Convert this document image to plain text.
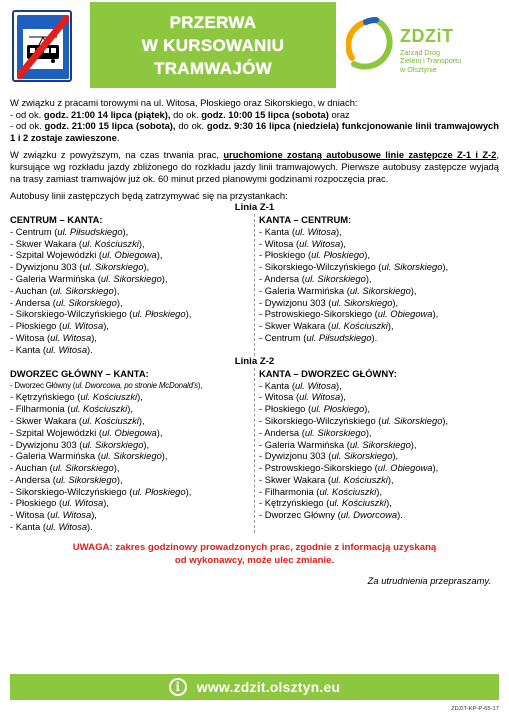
PRZERWA
W KURSOWANIU
TRAMWAJÓW
ZDZiT
Zarząd Dróg
Zieleni i Transportu
w Olsztynie

W związku z pracami torowymi na ul. Witosa, Płoskiego oraz Sikorskiego, w dniach:

- od ok. godz. 21:00 14 lipca (piątek), do ok. godz. 10:00 15 lipca (sobota) oraz

- od ok. godz. 21:00 15 lipca (sobota), do ok. godz. 9:30 16 lipca (niedziela) funkcjonowanie linii tramwajowych 1 i 2 zostaje zawieszone.

W związku z powyższym, na czas trwania prac, uruchomione zostaną autobusowe linie zastępcze Z-1 i Z-2, kursujące wg rozkładu jazdy zbliżonego do rozkładu jazdy linii tramwajowych. Pierwsze autobusy zastępcze wyjadą na trasy zamiast tramwajów już ok. 60 minut przed planowymi godzinami rozpoczęcia prac.

Autobusy linii zastępczych będą zatrzymywać się na przystankach:

Linia Z-1
CENTRUM – KANTA:
- Centrum (ul. Piłsudskiego),
- Skwer Wakara (ul. Kościuszki),
- Szpital Wojewódzki (ul. Obiegowa),
- Dywizjonu 303 (ul. Sikorskiego),
- Galeria Warmińska (ul. Sikorskiego),
- Auchan (ul. Sikorskiego),
- Andersa (ul. Sikorskiego),
- Sikorskiego-Wilczyńskiego (ul. Płoskiego),
- Płoskiego (ul. Witosa),
- Witosa (ul. Witosa),
- Kanta (ul. Witosa).
KANTA – CENTRUM:
- Kanta (ul. Witosa),
- Witosa (ul. Witosa),
- Płoskiego (ul. Płoskiego),
- Sikorskiego-Wilczyńskiego (ul. Sikorskiego),
- Andersa (ul. Sikorskiego),
- Galeria Warmińska (ul. Sikorskiego),
- Dywizjonu 303 (ul. Sikorskiego),
- Pstrowskiego-Sikorskiego (ul. Obiegowa),
- Skwer Wakara (ul. Kościuszki),
- Centrum (ul. Piłsudskiego).
Linia Z-2
DWORZEC GŁÓWNY – KANTA:
- Dworzec Główny (ul. Dworcowa, po stronie McDonald's),
- Kętrzyńskiego (ul. Kościuszki),
- Filharmonia (ul. Kościuszki),
- Skwer Wakara (ul. Kościuszki),
- Szpital Wojewódzki (ul. Obiegowa),
- Dywizjonu 303 (ul. Sikorskiego),
- Galeria Warmińska (ul. Sikorskiego),
- Auchan (ul. Sikorskiego),
- Andersa (ul. Sikorskiego),
- Sikorskiego-Wilczyńskiego (ul. Płoskiego),
- Płoskiego (ul. Witosa),
- Witosa (ul. Witosa),
- Kanta (ul. Witosa).
KANTA – DWORZEC GŁÓWNY:
- Kanta (ul. Witosa),
- Witosa (ul. Witosa),
- Płoskiego (ul. Płoskiego),
- Sikorskiego-Wilczyńskiego (ul. Sikorskiego),
- Andersa (ul. Sikorskiego),
- Galeria Warmińska (ul. Sikorskiego),
- Dywizjonu 303 (ul. Sikorskiego),
- Pstrowskiego-Sikorskiego (ul. Obiegowa),
- Skwer Wakara (ul. Kościuszki),
- Filharmonia (ul. Kościuszki),
- Kętrzyńskiego (ul. Kościuszki),
- Dworzec Główny (ul. Dworcowa).
UWAGA: zakres godzinowy prowadzonych prac, zgodnie z informacją uzyskaną
od wykonawcy, może ulec zmianie.
Za utrudnienia przepraszamy.
i	www.zdzit.olsztyn.eu
ZDZiT-KP-P-65-17
